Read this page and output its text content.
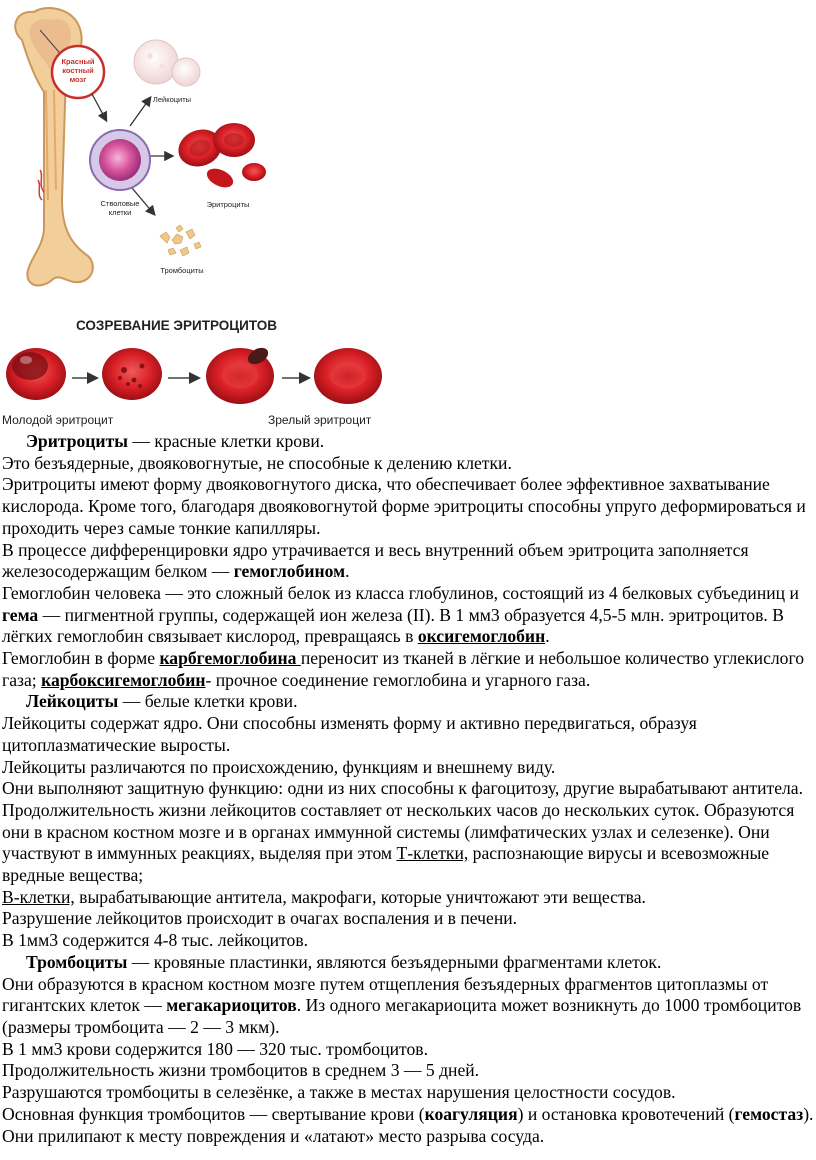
Красный
костный
мозг
Стволовые
клетки
Лейкоциты
Эритроциты
Тромбоциты
СОЗРЕВАНИЕ ЭРИТРОЦИТОВ
Молодой эритроцит	Зрелый эритроцит

Эритроциты — красные клетки крови.

Это безъядерные, двояковогнутые, не способные к делению клетки.

Эритроциты имеют форму двояковогнутого диска, что обеспечивает более эффективное захватывание кислорода. Кроме того, благодаря двояковогнутой форме эритроциты способны упруго деформироваться и проходить через самые тонкие капилляры.

В процессе дифференцировки ядро утрачивается и весь внутренний объем эритроцита заполняется железосодержащим белком — гемоглобином.

Гемоглобин человека — это сложный белок из класса глобулинов, состоящий из 4 белковых субъединиц и гема — пигментной группы, содержащей ион железа (II). В 1 мм3 образуется 4,5-5 млн. эритроцитов. В лёгких гемоглобин связывает кислород, превращаясь в оксигемоглобин.

Гемоглобин в форме карбгемоглобина переносит из тканей в лёгкие и небольшое количество углекислого газа; карбоксигемоглобин- прочное соединение гемоглобина и угарного газа.

Лейкоциты — белые клетки крови.

Лейкоциты содержат ядро. Они способны изменять форму и активно передвигаться, образуя цитоплазматические выросты.

Лейкоциты различаются по происхождению, функциям и внешнему виду.

Они выполняют защитную функцию: одни из них способны к фагоцитозу, другие вырабатывают антитела. Продолжительность жизни лейкоцитов составляет от нескольких часов до нескольких суток. Образуются они в красном костном мозге и в органах иммунной системы (лимфатических узлах и селезенке). Они участвуют в иммунных реакциях, выделяя при этом Т-клетки, распознающие вирусы и всевозможные вредные вещества;

В-клетки, вырабатывающие антитела, макрофаги, которые уничтожают эти вещества.

Разрушение лейкоцитов происходит в очагах воспаления и в печени.

В 1мм3 содержится 4-8 тыс. лейкоцитов.

Тромбоциты — кровяные пластинки, являются безъядерными фрагментами клеток.

Они образуются в красном костном мозге путем отщепления безъядерных фрагментов цитоплазмы от гигантских клеток — мегакариоцитов. Из одного мегакариоцита может возникнуть до 1000 тромбоцитов (размеры тромбоцита — 2 — 3 мкм).

В 1 мм3 крови содержится 180 — 320 тыс. тромбоцитов.

Продолжительность жизни тромбоцитов в среднем 3 — 5 дней.

Разрушаются тромбоциты в селезёнке, а также в местах нарушения целостности сосудов.

Основная функция тромбоцитов — свертывание крови (коагуляция) и остановка кровотечений (гемостаз). Они прилипают к месту повреждения и «латают» место разрыва сосуда.
